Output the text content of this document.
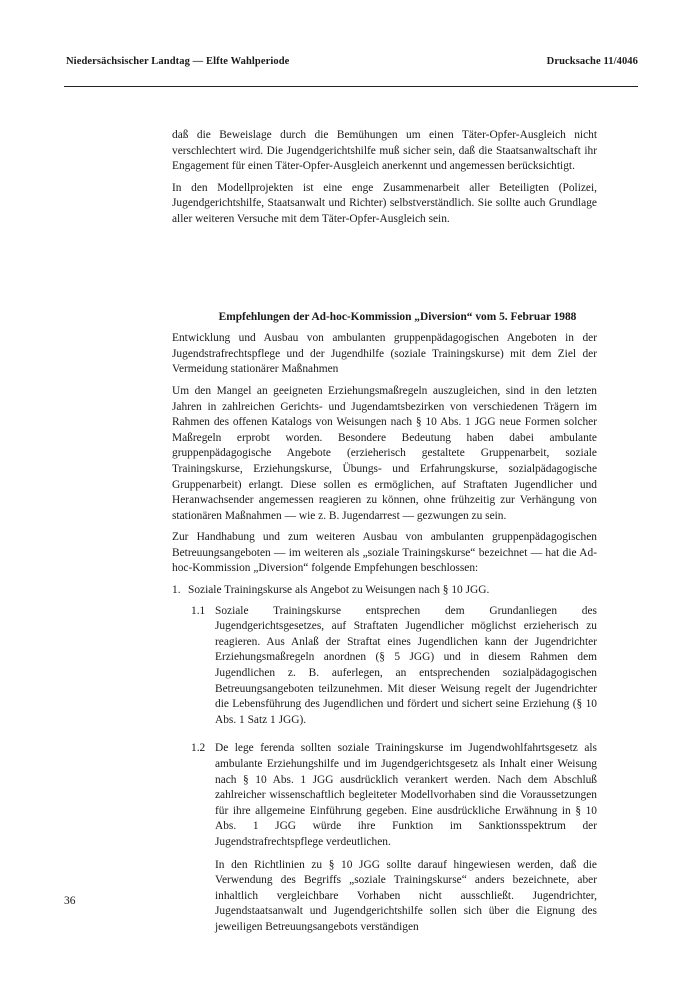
Niedersächsischer Landtag — Elfte Wahlperiode	Drucksache 11/4046

daß die Beweislage durch die Bemühungen um einen Täter-Opfer-Ausgleich nicht verschlechtert wird. Die Jugendgerichtshilfe muß sicher sein, daß die Staatsanwaltschaft ihr Engagement für einen Täter-Opfer-Ausgleich anerkennt und angemessen berücksichtigt.

In den Modellprojekten ist eine enge Zusammenarbeit aller Beteiligten (Polizei, Jugendgerichtshilfe, Staatsanwalt und Richter) selbstverständlich. Sie sollte auch Grundlage aller weiteren Versuche mit dem Täter-Opfer-Ausgleich sein.

Empfehlungen der Ad-hoc-Kommission „Diversion“ vom 5. Februar 1988

Entwicklung und Ausbau von ambulanten gruppenpädagogischen Angeboten in der Jugendstrafrechtspflege und der Jugendhilfe (soziale Trainingskurse) mit dem Ziel der Vermeidung stationärer Maßnahmen

Um den Mangel an geeigneten Erziehungsmaßregeln auszugleichen, sind in den letzten Jahren in zahlreichen Gerichts- und Jugendamtsbezirken von verschiedenen Trägern im Rahmen des offenen Katalogs von Weisungen nach § 10 Abs. 1 JGG neue Formen solcher Maßregeln erprobt worden. Besondere Bedeutung haben dabei ambulante gruppenpädagogische Angebote (erzieherisch gestaltete Gruppenarbeit, soziale Trainingskurse, Erziehungskurse, Übungs- und Erfahrungskurse, sozialpädagogische Gruppenarbeit) erlangt. Diese sollen es ermöglichen, auf Straftaten Jugendlicher und Heranwachsender angemessen reagieren zu können, ohne frühzeitig zur Verhängung von stationären Maßnahmen — wie z. B. Jugendarrest — gezwungen zu sein.

Zur Handhabung und zum weiteren Ausbau von ambulanten gruppenpädagogischen Betreuungsangeboten — im weiteren als „soziale Trainingskurse“ bezeichnet — hat die Ad-hoc-Kommission „Diversion“ folgende Empfehungen beschlossen:

1. Soziale Trainingskurse als Angebot zu Weisungen nach § 10 JGG.
1.1 Soziale Trainingskurse entsprechen dem Grundanliegen des Jugendgerichtsgesetzes, auf Straftaten Jugendlicher möglichst erzieherisch zu reagieren. Aus Anlaß der Straftat eines Jugendlichen kann der Jugendrichter Erziehungsmaßregeln anordnen (§ 5 JGG) und in diesem Rahmen dem Jugendlichen z. B. auferlegen, an entsprechenden sozialpädagogischen Betreuungsangeboten teilzunehmen. Mit dieser Weisung regelt der Jugendrichter die Lebensführung des Jugendlichen und fördert und sichert seine Erziehung (§ 10 Abs. 1 Satz 1 JGG).

1.2 De lege ferenda sollten soziale Trainingskurse im Jugendwohlfahrtsgesetz als ambulante Erziehungshilfe und im Jugendgerichtsgesetz als Inhalt einer Weisung nach § 10 Abs. 1 JGG ausdrücklich verankert werden. Nach dem Abschluß zahlreicher wissenschaftlich begleiteter Modellvorhaben sind die Voraussetzungen für ihre allgemeine Einführung gegeben. Eine ausdrückliche Erwähnung in § 10 Abs. 1 JGG würde ihre Funktion im Sanktionsspektrum der Jugendstrafrechtspflege verdeutlichen.

In den Richtlinien zu § 10 JGG sollte darauf hingewiesen werden, daß die Verwendung des Begriffs „soziale Trainingskurse“ anders bezeichnete, aber inhaltlich vergleichbare Vorhaben nicht ausschließt. Jugendrichter, Jugendstaatsanwalt und Jugendgerichtshilfe sollen sich über die Eignung des jeweiligen Betreuungsangebots verständigen

36
